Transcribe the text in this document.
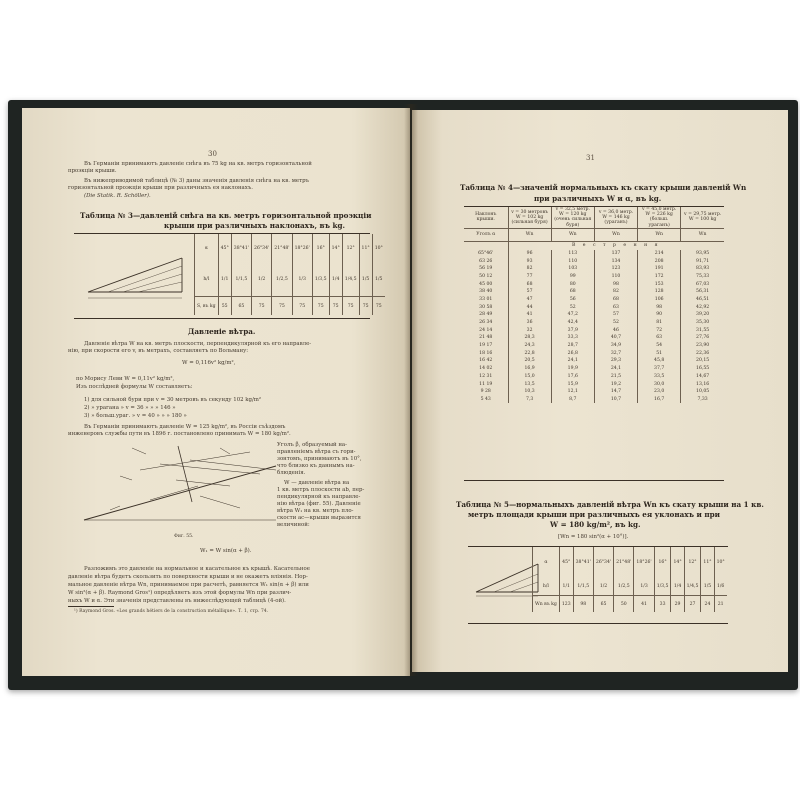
30
Въ Германіи принимаютъ давленіе снѣга въ 75 kg на кв. метръ горизонтальной
проэкціи крыши.
Въ нижеприводимой таблицѣ (№ 3) даны значенія давленія снѣга на кв. метръ
горизонтальной проэкціи крыши при различныхъ ея наклонахъ.
(Die Statik. R. Schöller).
Таблица № 3—давленій снѣга на кв. метръ горизонтальной проэкціи
крыши при различныхъ наклонахъ, въ kg.
α	45°	38°41'	26°34'	21°48'	18°26'	16°	14°	12°	11°	10°
h/l	1/1	1/1,5	1/2	1/2,5	1/3	1/3,5	1/4	1/4,5	1/5	1/5
S, въ kg	55	65	75	75	75	75	75	75	75	75
Давленіе вѣтра.
Давленіе вѣтра W на кв. метръ плоскости, перпендикулярной къ его направле-
нію, при скорости его v, въ метрахъ, составляетъ по Вольману:
W = 0,116v² kg/m²,
по Морису Леви W = 0,11v² kg/m²,
Изъ послѣдней формулы W составляетъ:
1) для сильной бури при v = 30 метровъ въ секунду 102 kg/m²
2) » урагана » v = 36 » » » 146 »
3) » больш.ураг. » v = 40 » » » 180 »
Въ Германіи принимаютъ давленіе W = 125 kg/m², въ Россіи съѣздомъ
инженеровъ службы пути въ 1896 г. постановлено принимать W = 180 kg/m².
Уголъ β, образуемый на-
правленіемъ вѣтра съ гори-
зонтомъ, принимаютъ въ 10°,
что близко къ даннымъ на-
блюденія.
W — давленіе вѣтра на
1 кв. метръ плоскости ab, пер-
пендикулярной къ направле-
нію вѣтра (фиг. 55). Давленіе
вѣтра W₁ на кв. метръ пло-
скости ac—крыши выразится
величиной:
Фиг. 55.
W₁ = W sin(α + β).
Разложимъ это давленіе на нормальное и касательное къ крышѣ. Касательное
давленіе вѣтра будетъ скользить по поверхности крыши и не окажетъ вліянія. Нор-
мальное давленіе вѣтра Wn, принимаемое при расчетѣ, равняется W₁ sin(α + β) или
W sin²(α + β). Raymond Gros¹) опредѣляетъ изъ этой формулы Wn при различ-
ныхъ W и α. Эти значенія представлены въ нижеслѣдующей таблицѣ (4-ой).
¹) Raymond Gros. «Les grands hétiers de la construction métallique». Т. 1, стр. 74.
31
Таблица № 4—значеній нормальныхъ къ скату крыши давленій Wn
при различныхъ W и α, въ kg.
Наклонъ крыши.	v = 30 метровъ W = 102 kg (сильная буря)	v = 32,5 метр. W = 120 kg (очень сильная буря)	v = 36,0 метр. W = 146 kg (ураганъ)	v = 45,0 метр. W = 226 kg (больш. ураганъ)	v = 29,75 метр. W = 100 kg
Уголъ α	Wn	Wn	Wn	Wn	Wn
	В е с т р е н н я				
65°46'	96	113	137	214	93,95
63 26	93	110	134	208	91,71
56 19	82	103	123	191	83,93
50 12	77	99	110	172	75,33
45 00	68	80	98	153	67,03
38 40	57	68	82	128	56,31
33 01	47	56	68	106	46,51
30 58	44	52	63	98	42,92
28 49	41	47,2	57	90	39,20
26 34	36	42,4	52	81	35,30
24 14	32	37,9	46	72	31,55
21 48	28,3	33,3	40,7	63	27,76
19 17	24,3	28,7	34,9	54	23,90
18 16	22,8	26,8	32,7	51	22,36
16 42	20,5	24,1	29,3	45,8	20,15
14 02	16,9	19,9	24,1	37,7	16,55
12 31	15,0	17,6	21,5	33,5	14,67
11 19	13,5	15,9	19,2	30,0	13,16
9 28	10,3	12,1	14,7	23,0	10,05
5 43	7,3	8,7	10,7	16,7	7,33
Таблица № 5—нормальныхъ давленій вѣтра Wn къ скату крыши на 1 кв.
метръ площади крыши при различныхъ ея уклонахъ и при
W = 180 kg/m², въ kg.
[Wn = 180 sin²(α + 10°)].
α	45°	38°41'	26°34'	21°48'	18°26'	16°	14°	12°	11°	10°
h/l	1/1	1/1,5	1/2	1/2,5	1/3	1/3,5	1/4	1/4,5	1/5	1/6
Wn въ kg	123	98	65	50	41	33	29	27	24	21
